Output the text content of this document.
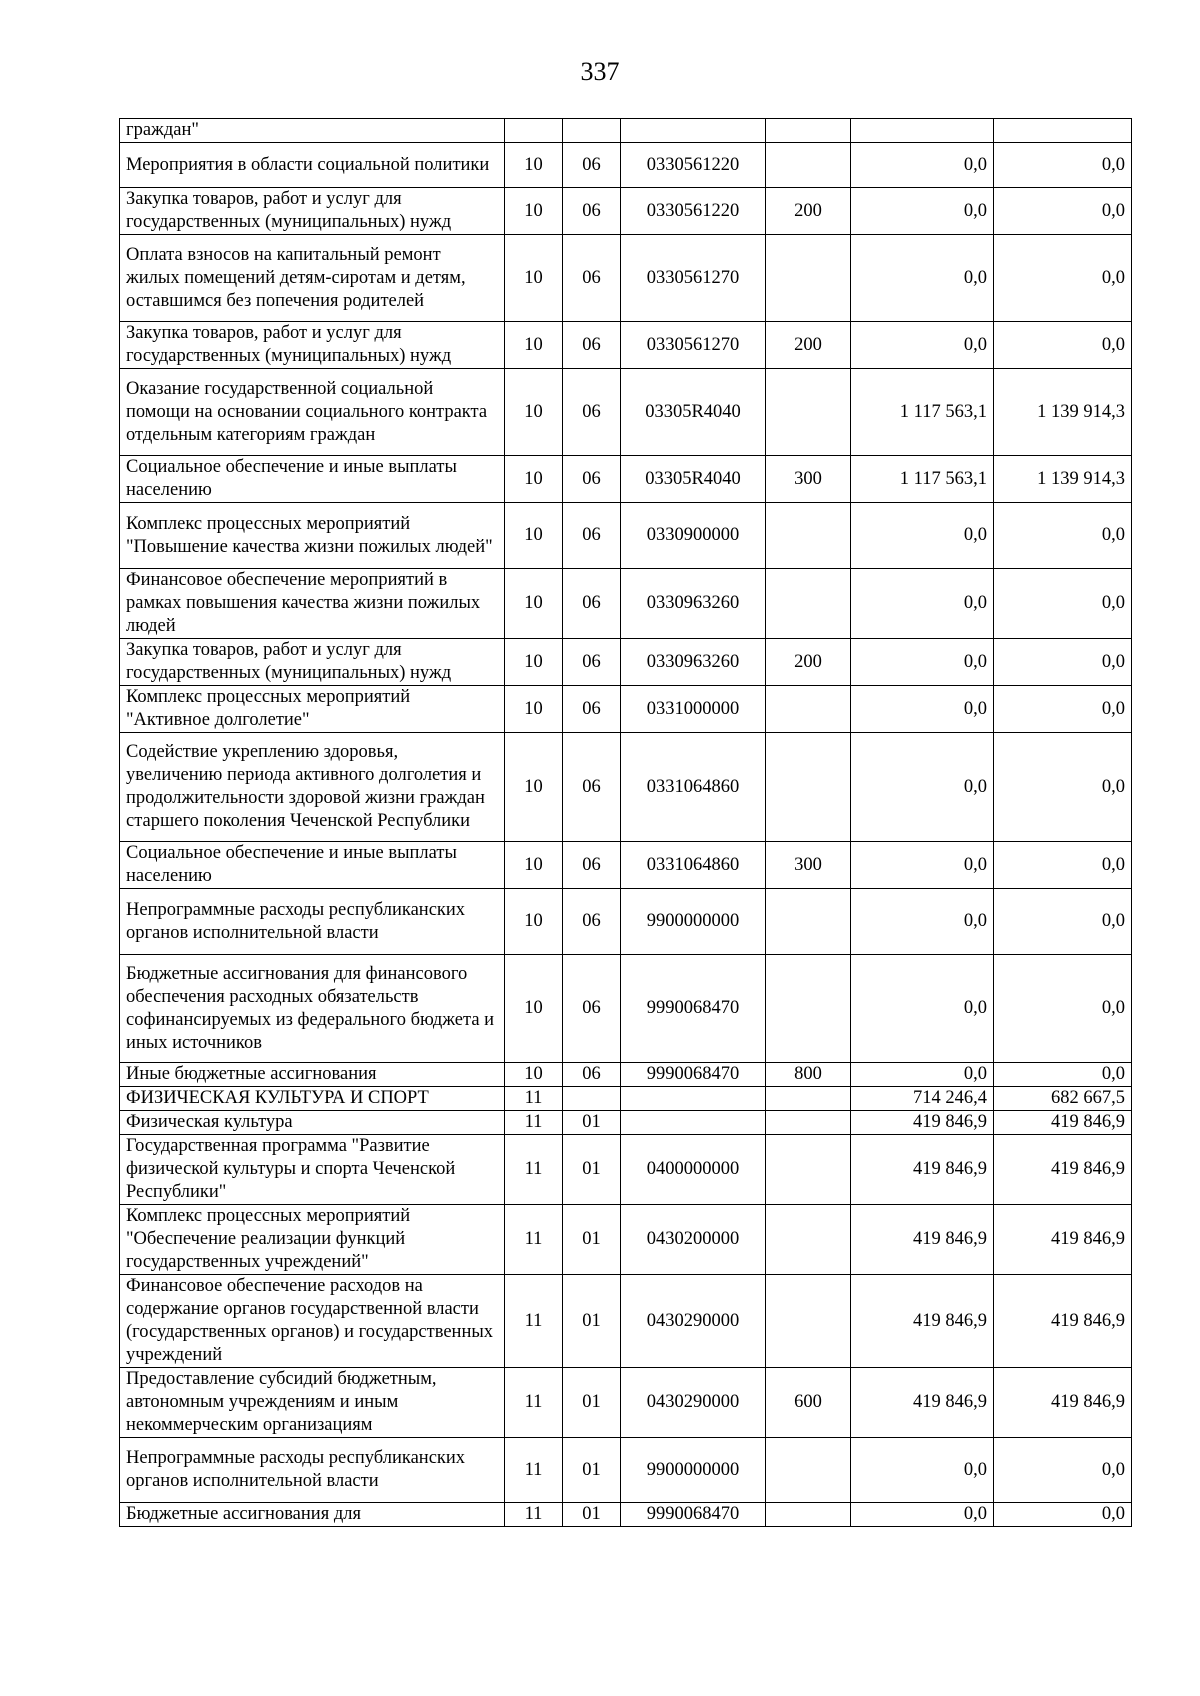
337
граждан"						
Мероприятия в области социальной политики	10	06	0330561220		0,0	0,0
Закупка товаров, работ и услуг для государственных (муниципальных) нужд	10	06	0330561220	200	0,0	0,0
Оплата взносов на капитальный ремонт жилых помещений детям-сиротам и детям, оставшимся без попечения родителей	10	06	0330561270		0,0	0,0
Закупка товаров, работ и услуг для государственных (муниципальных) нужд	10	06	0330561270	200	0,0	0,0
Оказание государственной социальной помощи на основании социального контракта отдельным категориям граждан	10	06	03305R4040		1 117 563,1	1 139 914,3
Социальное обеспечение и иные выплаты населению	10	06	03305R4040	300	1 117 563,1	1 139 914,3
Комплекс процессных мероприятий "Повышение качества жизни пожилых людей"	10	06	0330900000		0,0	0,0
Финансовое обеспечение мероприятий в рамках повышения качества жизни пожилых людей	10	06	0330963260		0,0	0,0
Закупка товаров, работ и услуг для государственных (муниципальных) нужд	10	06	0330963260	200	0,0	0,0
Комплекс процессных мероприятий "Активное долголетие"	10	06	0331000000		0,0	0,0
Содействие укреплению здоровья, увеличению периода активного долголетия и продолжительности здоровой жизни граждан старшего поколения Чеченской Республики	10	06	0331064860		0,0	0,0
Социальное обеспечение и иные выплаты населению	10	06	0331064860	300	0,0	0,0
Непрограммные расходы республиканских органов исполнительной власти	10	06	9900000000		0,0	0,0
Бюджетные ассигнования для финансового обеспечения расходных обязательств софинансируемых из федерального бюджета и иных источников	10	06	9990068470		0,0	0,0
Иные бюджетные ассигнования	10	06	9990068470	800	0,0	0,0
ФИЗИЧЕСКАЯ КУЛЬТУРА И СПОРТ	11				714 246,4	682 667,5
Физическая культура	11	01			419 846,9	419 846,9
Государственная программа "Развитие физической культуры и спорта Чеченской Республики"	11	01	0400000000		419 846,9	419 846,9
Комплекс процессных мероприятий "Обеспечение реализации функций государственных учреждений"	11	01	0430200000		419 846,9	419 846,9
Финансовое обеспечение расходов на содержание органов государственной власти (государственных органов) и государственных учреждений	11	01	0430290000		419 846,9	419 846,9
Предоставление субсидий бюджетным, автономным учреждениям и иным некоммерческим организациям	11	01	0430290000	600	419 846,9	419 846,9
Непрограммные расходы республиканских органов исполнительной власти	11	01	9900000000		0,0	0,0
Бюджетные ассигнования для	11	01	9990068470		0,0	0,0
